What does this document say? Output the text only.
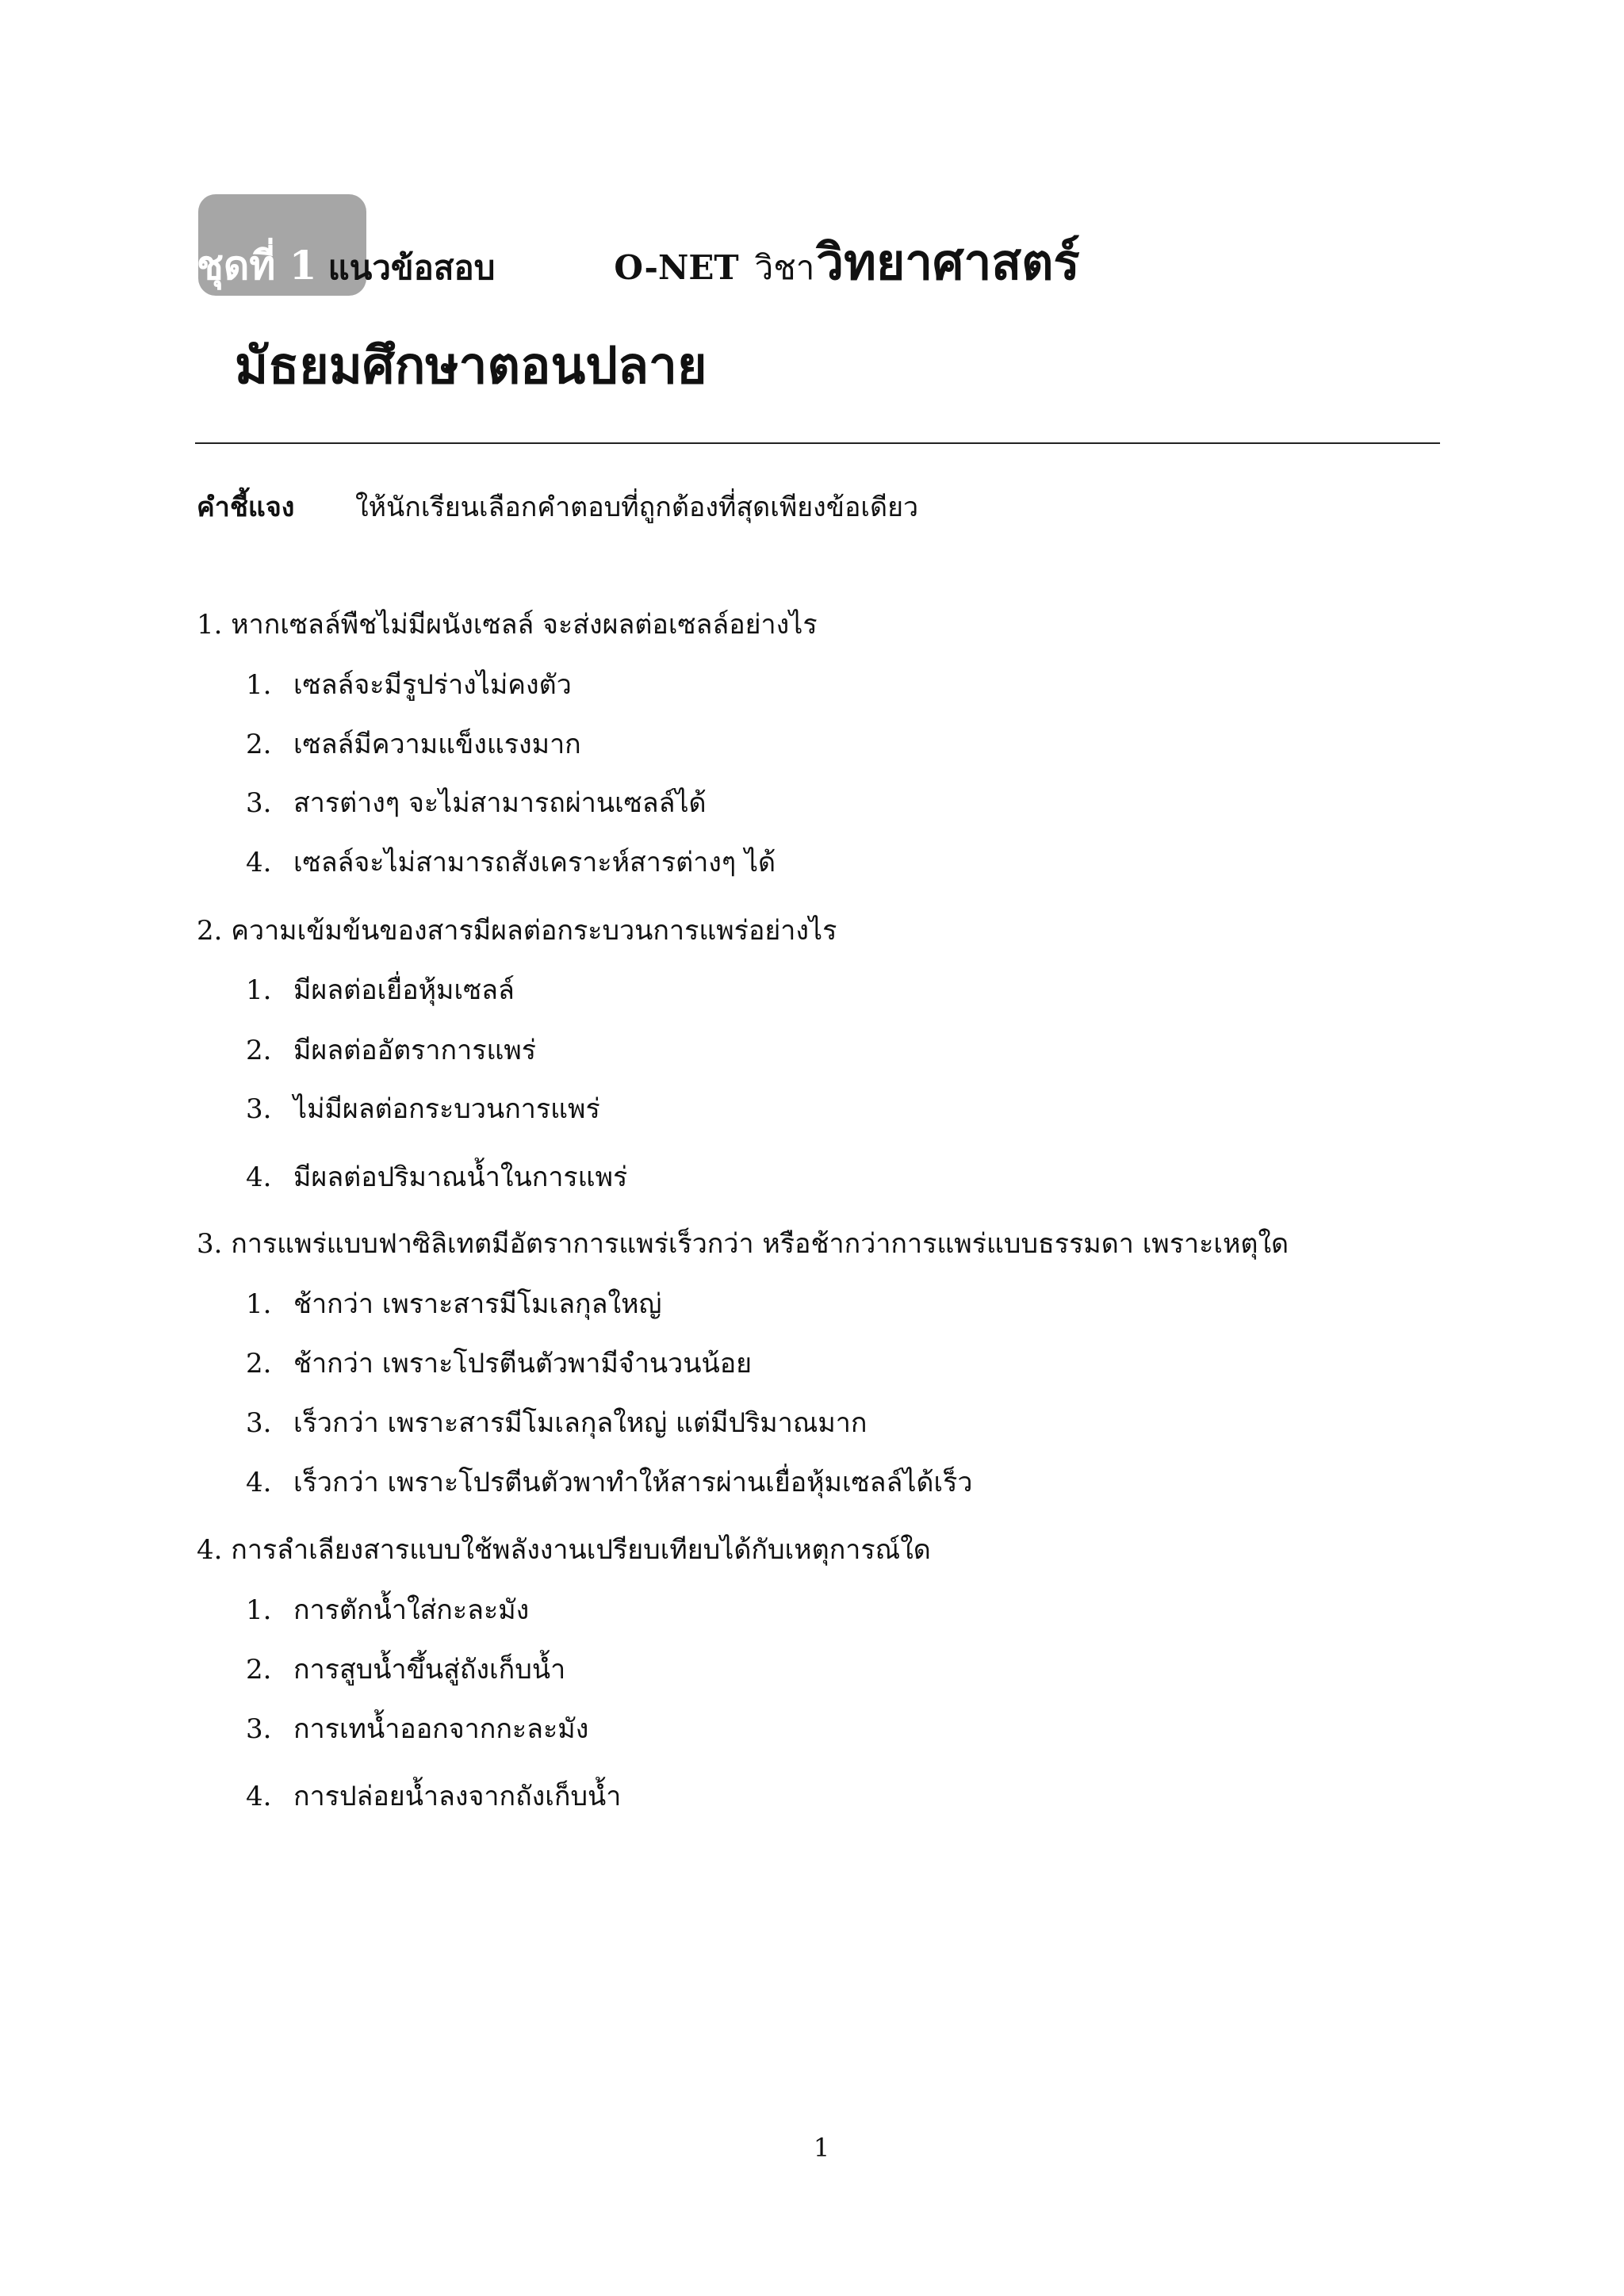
ชุดที่ 1 แนวข้อสอบ	O-NET วิชา วิทยาศาสตร์
มัธยมศึกษาตอนปลาย
คำชี้แจง ให้นักเรียนเลือกคำตอบที่ถูกต้องที่สุดเพียงข้อเดียว
1. หากเซลล์พืชไม่มีผนังเซลล์ จะส่งผลต่อเซลล์อย่างไร
1. เซลล์จะมีรูปร่างไม่คงตัว
2. เซลล์มีความแข็งแรงมาก
3. สารต่างๆ จะไม่สามารถผ่านเซลล์ได้
4. เซลล์จะไม่สามารถสังเคราะห์สารต่างๆ ได้
2. ความเข้มข้นของสารมีผลต่อกระบวนการแพร่อย่างไร
1. มีผลต่อเยื่อหุ้มเซลล์
2. มีผลต่ออัตราการแพร่
3. ไม่มีผลต่อกระบวนการแพร่
4. มีผลต่อปริมาณน้ำในการแพร่
3. การแพร่แบบฟาซิลิเทตมีอัตราการแพร่เร็วกว่า หรือช้ากว่าการแพร่แบบธรรมดา เพราะเหตุใด
1. ช้ากว่า เพราะสารมีโมเลกุลใหญ่
2. ช้ากว่า เพราะโปรตีนตัวพามีจำนวนน้อย
3. เร็วกว่า เพราะสารมีโมเลกุลใหญ่ แต่มีปริมาณมาก
4. เร็วกว่า เพราะโปรตีนตัวพาทำให้สารผ่านเยื่อหุ้มเซลล์ได้เร็ว
4. การลำเลียงสารแบบใช้พลังงานเปรียบเทียบได้กับเหตุการณ์ใด
1. การตักน้ำใส่กะละมัง
2. การสูบน้ำขึ้นสู่ถังเก็บน้ำ
3. การเทน้ำออกจากกะละมัง
4. การปล่อยน้ำลงจากถังเก็บน้ำ
1
